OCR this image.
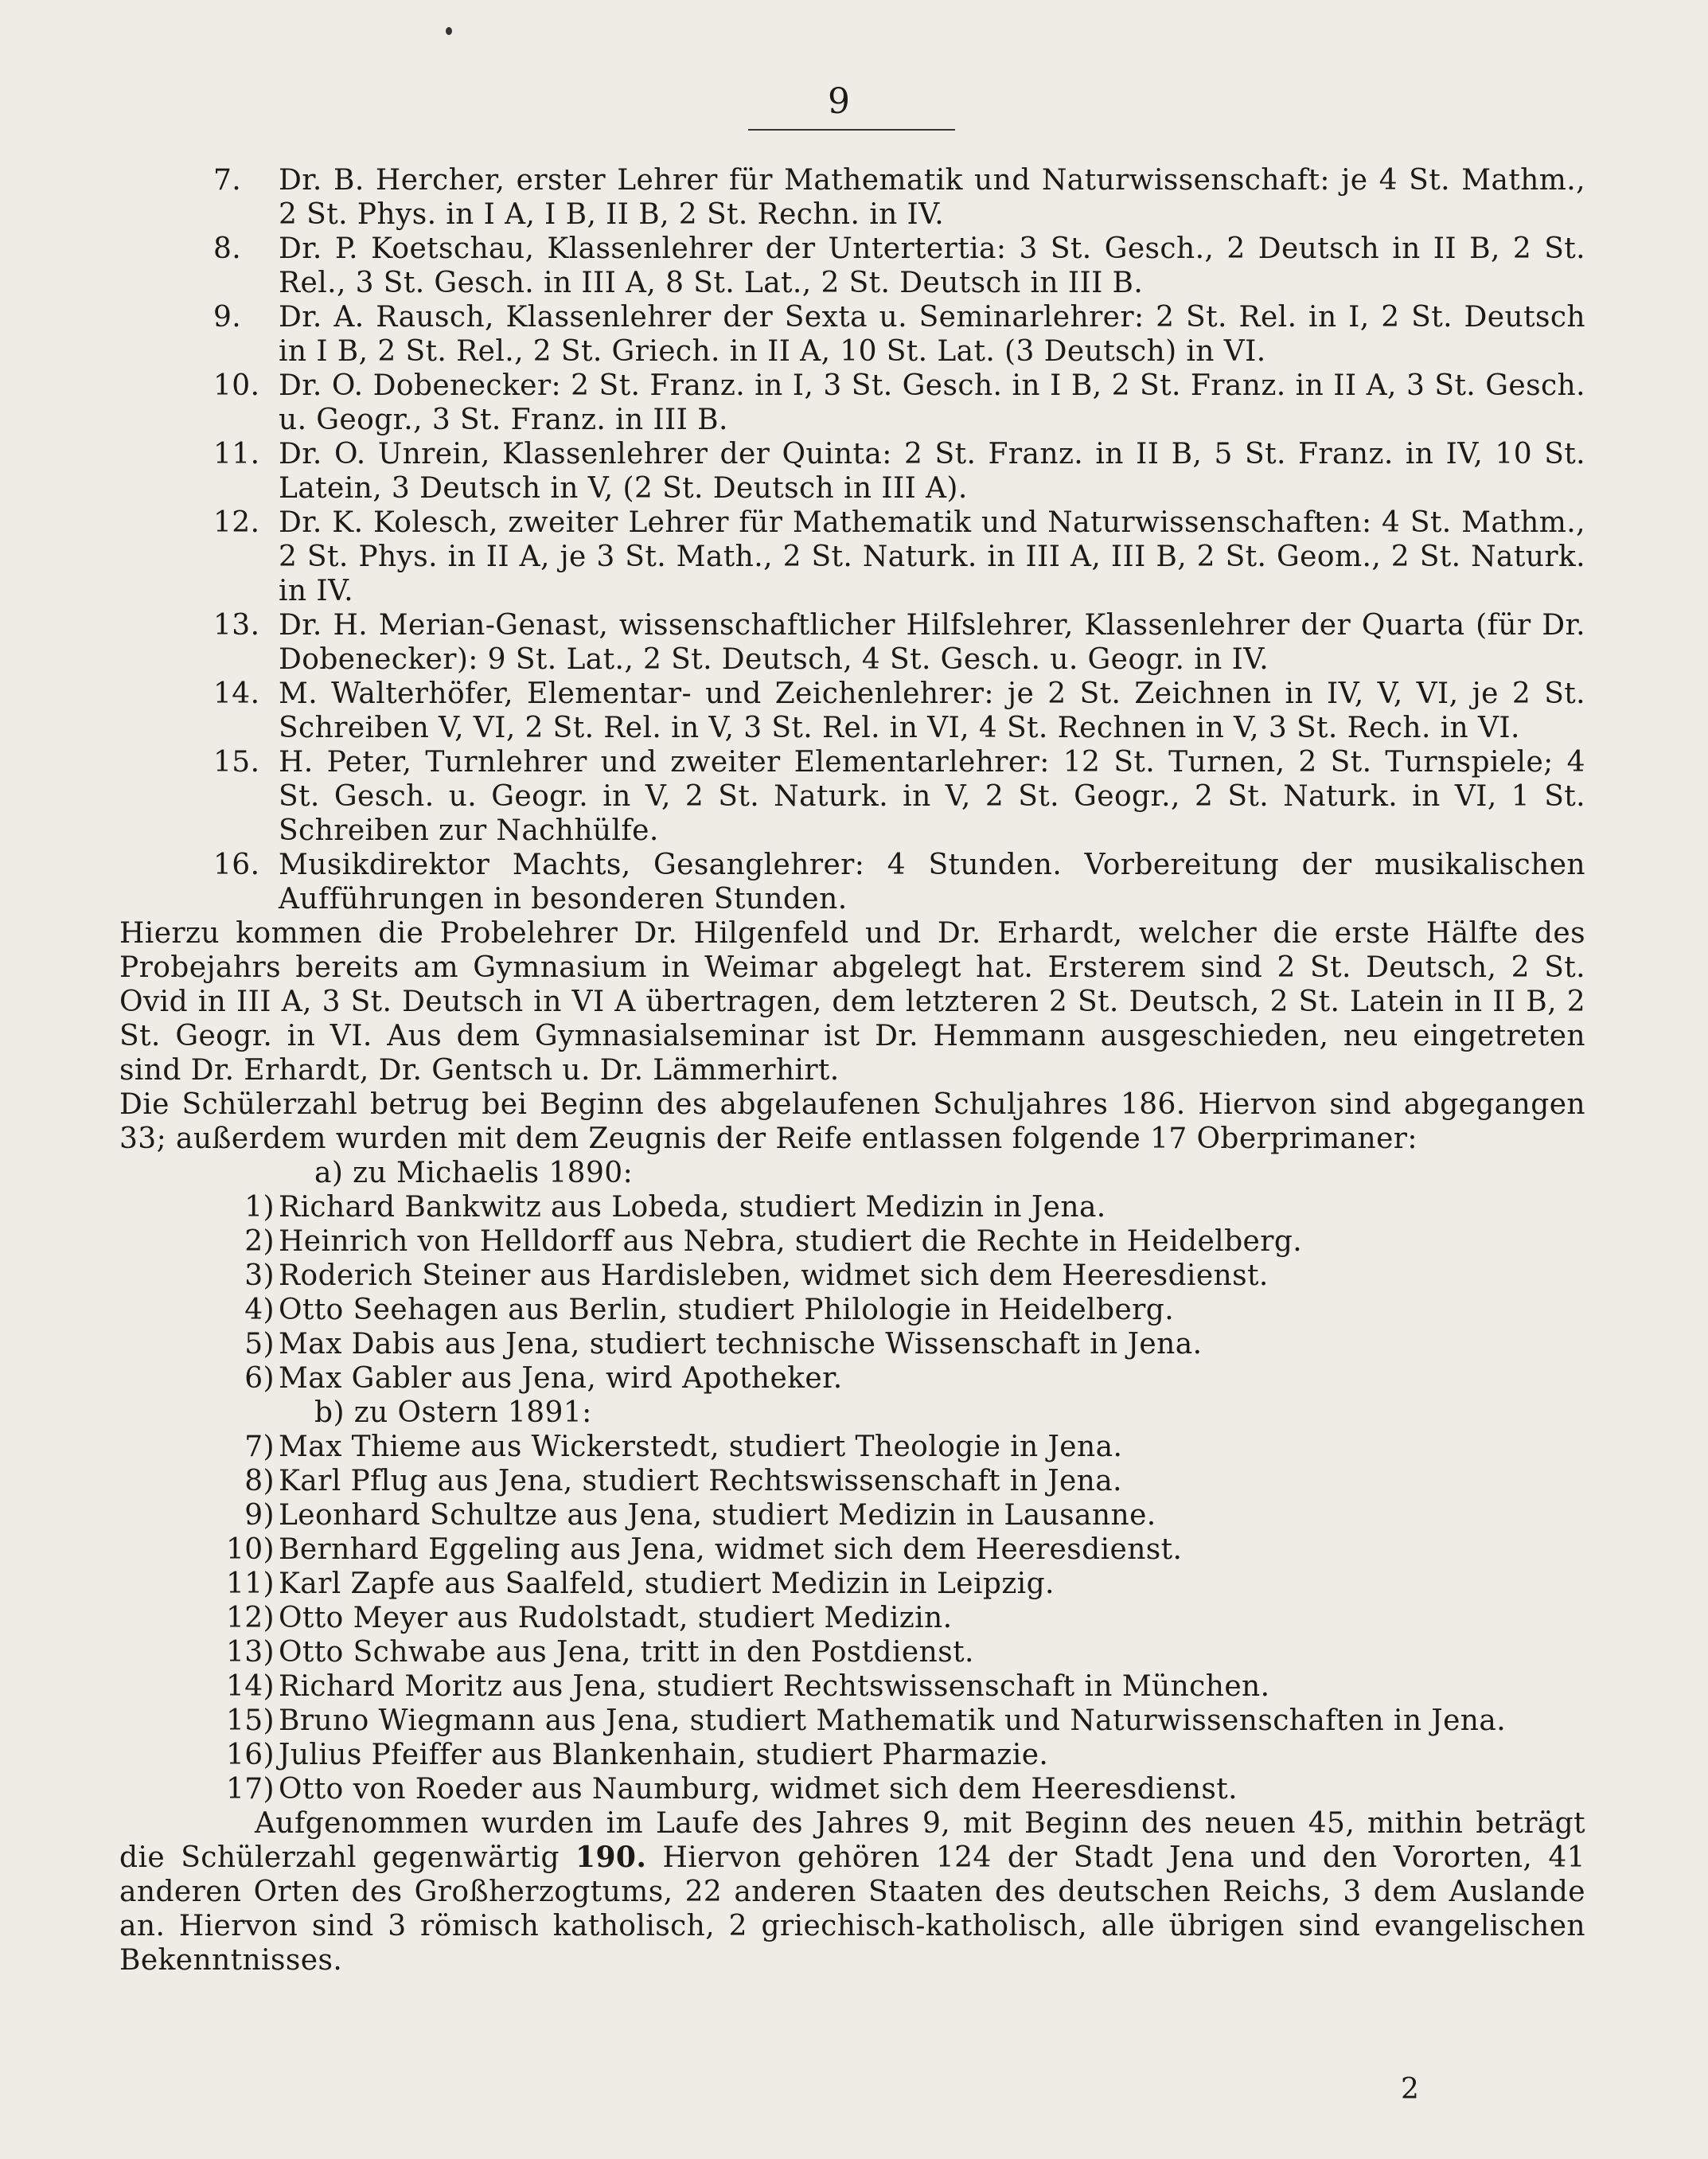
9
7.	Dr. B. Hercher, erster Lehrer für Mathematik und Naturwissenschaft: je 4 St. Mathm., 2 St. Phys. in I A, I B, II B, 2 St. Rechn. in IV.
8.	Dr. P. Koetschau, Klassenlehrer der Untertertia: 3 St. Gesch., 2 Deutsch in II B, 2 St. Rel., 3 St. Gesch. in III A, 8 St. Lat., 2 St. Deutsch in III B.
9.	Dr. A. Rausch, Klassenlehrer der Sexta u. Seminarlehrer: 2 St. Rel. in I, 2 St. Deutsch in I B, 2 St. Rel., 2 St. Griech. in II A, 10 St. Lat. (3 Deutsch) in VI.
10. Dr. O. Dobenecker: 2 St. Franz. in I, 3 St. Gesch. in I B, 2 St. Franz. in II A, 3 St. Gesch. u. Geogr., 3 St. Franz. in III B.
11. Dr. O. Unrein, Klassenlehrer der Quinta: 2 St. Franz. in II B, 5 St. Franz. in IV, 10 St. Latein, 3 Deutsch in V, (2 St. Deutsch in III A).
12. Dr. K. Kolesch, zweiter Lehrer für Mathematik und Naturwissenschaften: 4 St. Mathm., 2 St. Phys. in II A, je 3 St. Math., 2 St. Naturk. in III A, III B, 2 St. Geom., 2 St. Naturk. in IV.
13. Dr. H. Merian-Genast, wissenschaftlicher Hilfslehrer, Klassenlehrer der Quarta (für Dr. Dobenecker): 9 St. Lat., 2 St. Deutsch, 4 St. Gesch. u. Geogr. in IV.
14. M. Walterhöfer, Elementar- und Zeichenlehrer: je 2 St. Zeichnen in IV, V, VI, je 2 St. Schreiben V, VI, 2 St. Rel. in V, 3 St. Rel. in VI, 4 St. Rechnen in V, 3 St. Rech. in VI.
15. H. Peter, Turnlehrer und zweiter Elementarlehrer: 12 St. Turnen, 2 St. Turnspiele; 4 St. Gesch. u. Geogr. in V, 2 St. Naturk. in V, 2 St. Geogr., 2 St. Naturk. in VI, 1 St. Schreiben zur Nachhülfe.
16. Musikdirektor Machts, Gesanglehrer: 4 Stunden. Vorbereitung der musikalischen Aufführungen in besonderen Stunden.

Hierzu kommen die Probelehrer Dr. Hilgenfeld und Dr. Erhardt, welcher die erste Hälfte des Probejahrs bereits am Gymnasium in Weimar abgelegt hat. Ersterem sind 2 St. Deutsch, 2 St. Ovid in III A, 3 St. Deutsch in VI A übertragen, dem letzteren 2 St. Deutsch, 2 St. Latein in II B, 2 St. Geogr. in VI. Aus dem Gymnasialseminar ist Dr. Hemmann ausgeschieden, neu eingetreten sind Dr. Erhardt, Dr. Gentsch u. Dr. Lämmerhirt.

Die Schülerzahl betrug bei Beginn des abgelaufenen Schuljahres 186. Hiervon sind abgegangen 33; außerdem wurden mit dem Zeugnis der Reife entlassen folgende 17 Oberprimaner:

a) zu Michaelis 1890:
1) Richard Bankwitz aus Lobeda, studiert Medizin in Jena.
2) Heinrich von Helldorff aus Nebra, studiert die Rechte in Heidelberg.
3) Roderich Steiner aus Hardisleben, widmet sich dem Heeresdienst.
4) Otto Seehagen aus Berlin, studiert Philologie in Heidelberg.
5) Max Dabis aus Jena, studiert technische Wissenschaft in Jena.
6) Max Gabler aus Jena, wird Apotheker.
b) zu Ostern 1891:
7) Max Thieme aus Wickerstedt, studiert Theologie in Jena.
8) Karl Pflug aus Jena, studiert Rechtswissenschaft in Jena.
9) Leonhard Schultze aus Jena, studiert Medizin in Lausanne.
10) Bernhard Eggeling aus Jena, widmet sich dem Heeresdienst.
11) Karl Zapfe aus Saalfeld, studiert Medizin in Leipzig.
12) Otto Meyer aus Rudolstadt, studiert Medizin.
13) Otto Schwabe aus Jena, tritt in den Postdienst.
14) Richard Moritz aus Jena, studiert Rechtswissenschaft in München.
15) Bruno Wiegmann aus Jena, studiert Mathematik und Naturwissenschaften in Jena.
16) Julius Pfeiffer aus Blankenhain, studiert Pharmazie.
17) Otto von Roeder aus Naumburg, widmet sich dem Heeresdienst.

Aufgenommen wurden im Laufe des Jahres 9, mit Beginn des neuen 45, mithin beträgt die Schülerzahl gegenwärtig 190. Hiervon gehören 124 der Stadt Jena und den Vororten, 41 anderen Orten des Großherzogtums, 22 anderen Staaten des deutschen Reichs, 3 dem Auslande an. Hiervon sind 3 römisch katholisch, 2 griechisch-katholisch, alle übrigen sind evangelischen Bekenntnisses.

2
